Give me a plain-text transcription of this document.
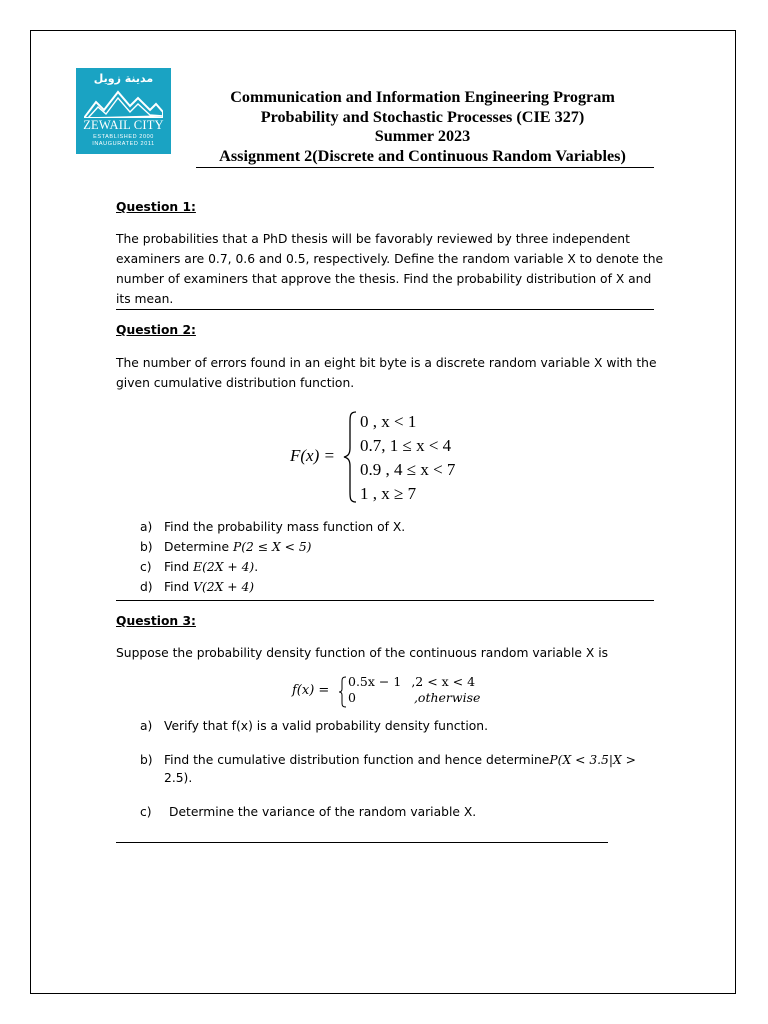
مدينة زويل
ZEWAIL CITY
ESTABLISHED 2000
INAUGURATED 2011
Communication and Information Engineering Program
Probability and Stochastic Processes (CIE 327)
Summer 2023
Assignment 2(Discrete and Continuous Random Variables)
Question 1:
The probabilities that a PhD thesis will be favorably reviewed by three independent
examiners are 0.7, 0.6 and 0.5, respectively. Define the random variable X to denote the
number of examiners that approve the thesis. Find the probability distribution of X and
its mean.
Question 2:
The number of errors found in an eight bit byte is a discrete random variable X with the
given cumulative distribution function.
F(x) =
0 , x < 1
0.7, 1 ≤ x < 4
0.9 , 4 ≤ x < 7
1 , x ≥ 7
a) Find the probability mass function of X.
b) Determine P(2 ≤ X < 5)
c) Find E(2X + 4).
d) Find V(2X + 4)
Question 3:
Suppose the probability density function of the continuous random variable X is
f(x) =
0.5x − 1 ,2 < x < 4
0	,otherwise
a) Verify that f(x) is a valid probability density function.
b) Find the cumulative distribution function and hence determineP(X < 3.5|X >
2.5).
c) Determine the variance of the random variable X.
